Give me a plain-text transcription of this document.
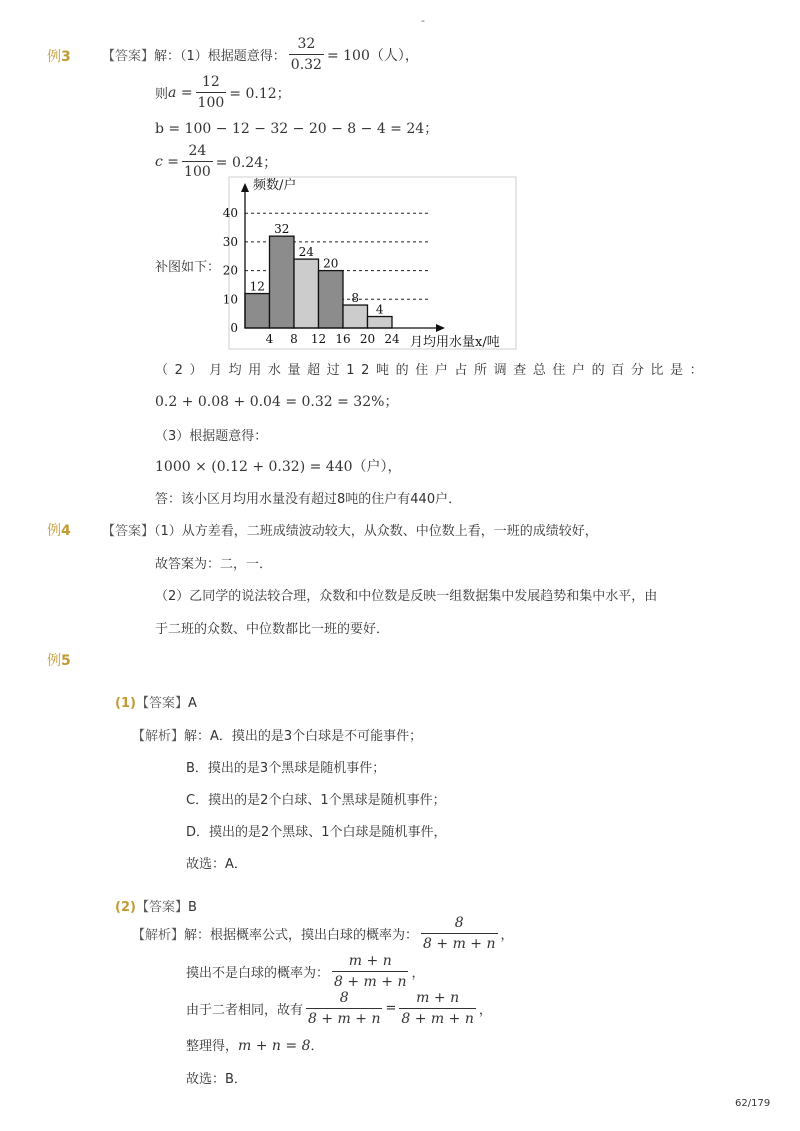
-
例3 【答案】 解：（1）根据题意得： $\frac{32}{0.32} = 100$（人），
则 $a = \frac{12}{100} = 0.12$；
b = 100 − 12 − 32 − 20 − 8 − 4 = 24；
$c = \frac{24}{100} = 0.24$；
补图如下：
0
10
20
30
40
4 8 12 16 20 24
12
32
24
20
8
4
频数/户
月均用水量x/吨
（2）月均用水量超过12吨的住户占所调查总住户的百分比是：
0.2 + 0.08 + 0.04 = 0.32 = 32%；
（3）根据题意得：
1000 × (0.12 + 0.32) = 440（户），
答：该小区月均用水量没有超过8吨的住户有440户．
例4 【答案】（1）从方差看，二班成绩波动较大，从众数、中位数上看，一班的成绩较好，
故答案为：二，一．
（2）乙同学的说法较合理，众数和中位数是反映一组数据集中发展趋势和集中水平，由
于二班的众数、中位数都比一班的要好．
例5
(1)【答案】A
【解析】解：A．摸出的是3个白球是不可能事件；
B．摸出的是3个黑球是随机事件；
C．摸出的是2个白球、1个黑球是随机事件；
D．摸出的是2个黑球、1个白球是随机事件，
故选：A．
(2)【答案】B
【解析】 解：根据概率公式，摸出白球的概率为： $\frac{8}{8 + m + n}$ ，
摸出不是白球的概率为： $\frac{m + n}{8 + m + n}$ ，
由于二者相同，故有 $\frac{8}{8 + m + n} = \frac{m + n}{8 + m + n}$ ，
整理得，m + n = 8．
故选：B．
62/179
